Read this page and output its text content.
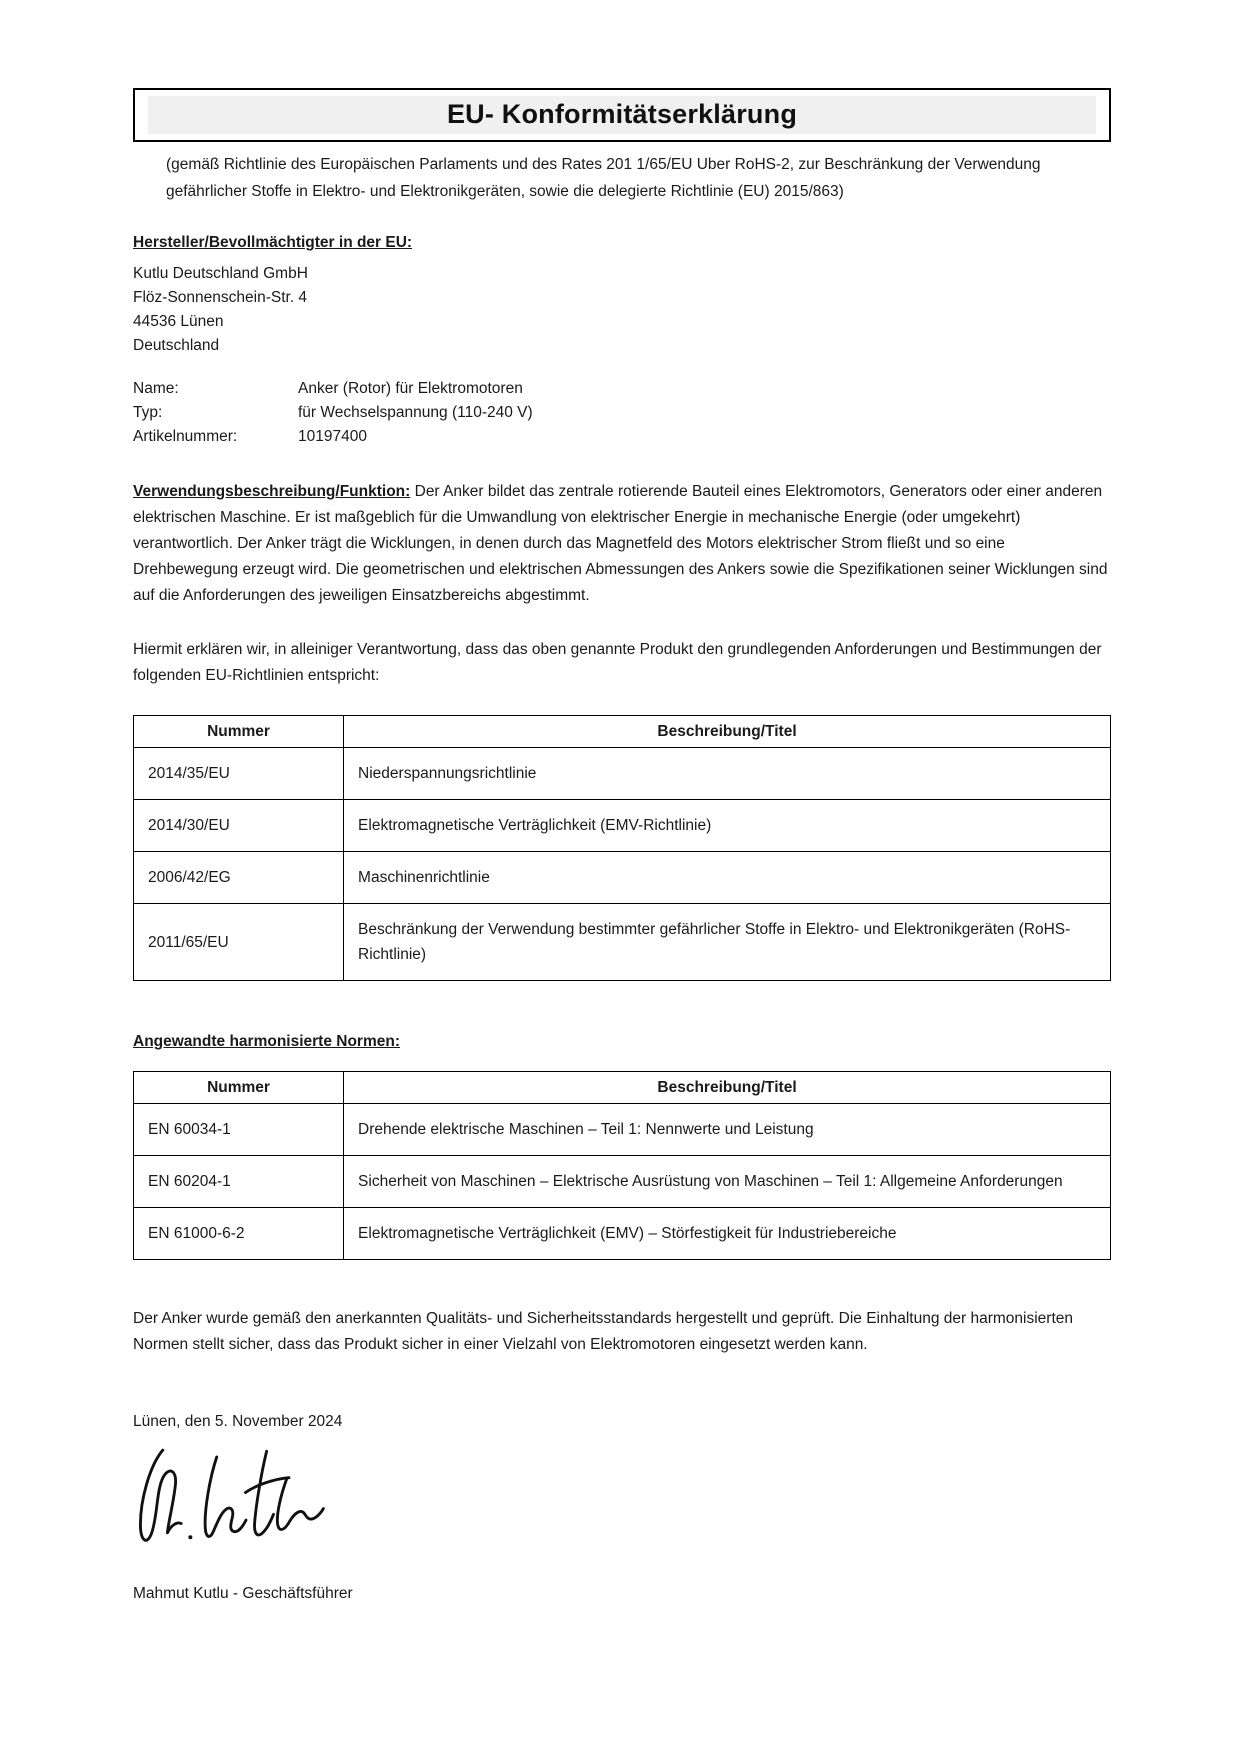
EU- Konformitätserklärung

(gemäß Richtlinie des Europäischen Parlaments und des Rates 201 1/65/EU Uber RoHS-2, zur Beschränkung der Verwendung gefährlicher Stoffe in Elektro- und Elektronikgeräten, sowie die delegierte Richtlinie (EU) 2015/863)

Hersteller/Bevollmächtigter in der EU:
Kutlu Deutschland GmbH
Flöz-Sonnenschein-Str. 4
44536 Lünen
Deutschland
Name:	Anker (Rotor) für Elektromotoren
Typ:	für Wechselspannung (110-240 V)
Artikelnummer:	10197400

Verwendungsbeschreibung/Funktion: Der Anker bildet das zentrale rotierende Bauteil eines Elektromotors, Generators oder einer anderen elektrischen Maschine. Er ist maßgeblich für die Umwandlung von elektrischer Energie in mechanische Energie (oder umgekehrt) verantwortlich. Der Anker trägt die Wicklungen, in denen durch das Magnetfeld des Motors elektrischer Strom fließt und so eine Drehbewegung erzeugt wird. Die geometrischen und elektrischen Abmessungen des Ankers sowie die Spezifikationen seiner Wicklungen sind auf die Anforderungen des jeweiligen Einsatzbereichs abgestimmt.

Hiermit erklären wir, in alleiniger Verantwortung, dass das oben genannte Produkt den grundlegenden Anforderungen und Bestimmungen der folgenden EU-Richtlinien entspricht:

Nummer	Beschreibung/Titel
2014/35/EU	Niederspannungsrichtlinie
2014/30/EU	Elektromagnetische Verträglichkeit (EMV-Richtlinie)
2006/42/EG	Maschinenrichtlinie
2011/65/EU	Beschränkung der Verwendung bestimmter gefährlicher Stoffe in Elektro- und Elektronikgeräten (RoHS-Richtlinie)
Angewandte harmonisierte Normen:
Nummer	Beschreibung/Titel
EN 60034-1	Drehende elektrische Maschinen – Teil 1: Nennwerte und Leistung
EN 60204-1	Sicherheit von Maschinen – Elektrische Ausrüstung von Maschinen – Teil 1: Allgemeine Anforderungen
EN 61000-6-2	Elektromagnetische Verträglichkeit (EMV) – Störfestigkeit für Industriebereiche

Der Anker wurde gemäß den anerkannten Qualitäts- und Sicherheitsstandards hergestellt und geprüft. Die Einhaltung der harmonisierten Normen stellt sicher, dass das Produkt sicher in einer Vielzahl von Elektromotoren eingesetzt werden kann.

Lünen, den 5. November 2024
Mahmut Kutlu - Geschäftsführer
